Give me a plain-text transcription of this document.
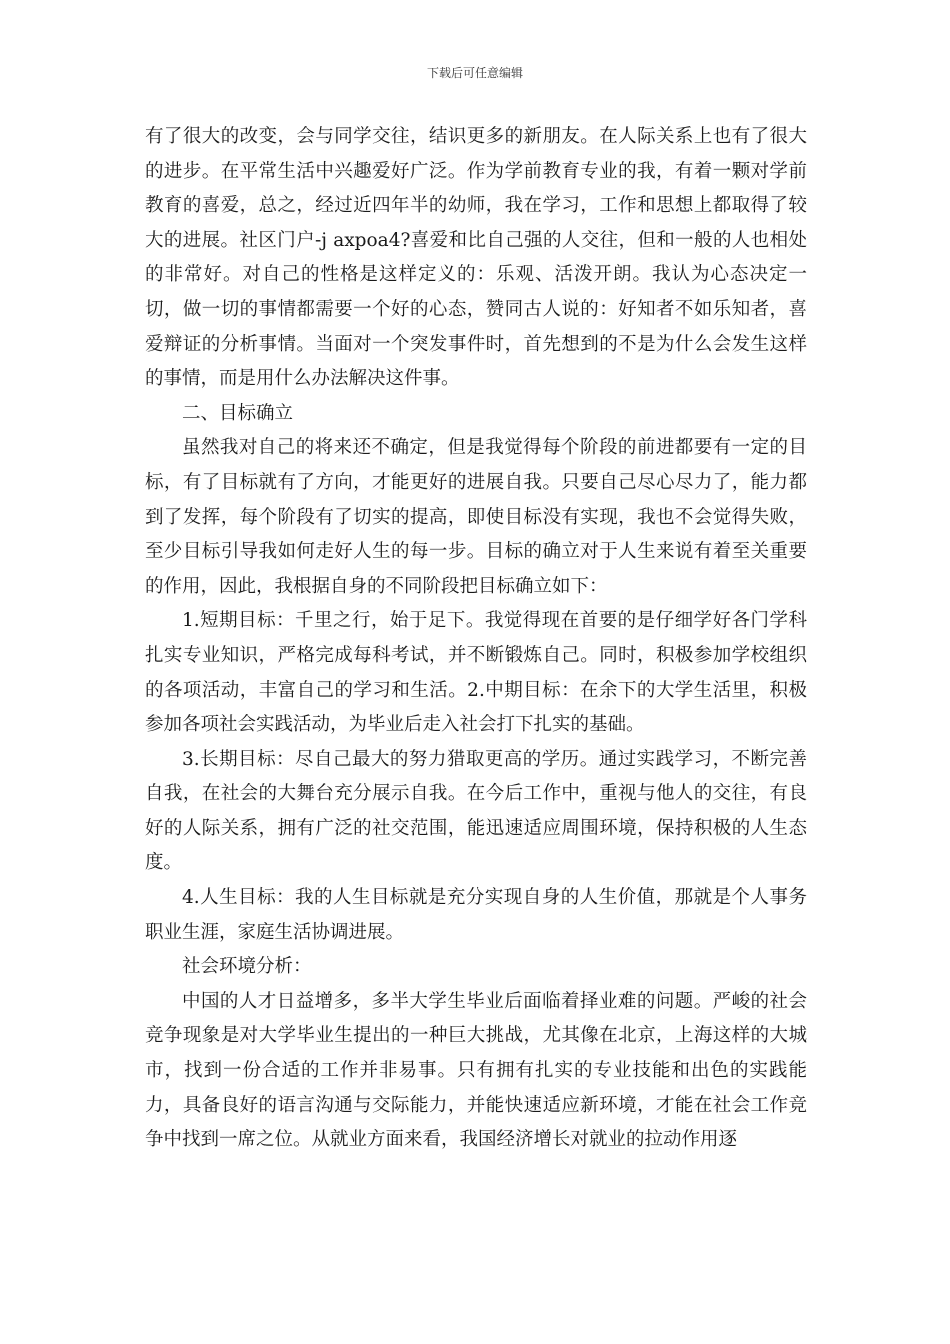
下载后可任意编辑

有了很大的改变，会与同学交往，结识更多的新朋友。在人际关系上也有了很大的进步。在平常生活中兴趣爱好广泛。作为学前教育专业的我，有着一颗对学前教育的喜爱，总之，经过近四年半的幼师，我在学习，工作和思想上都取得了较大的进展。社区门户-j axpoa4?喜爱和比自己强的人交往，但和一般的人也相处的非常好。对自己的性格是这样定义的：乐观、活泼开朗。我认为心态决定一切，做一切的事情都需要一个好的心态，赞同古人说的：好知者不如乐知者，喜爱辩证的分析事情。当面对一个突发事件时，首先想到的不是为什么会发生这样的事情，而是用什么办法解决这件事。

二、目标确立

虽然我对自己的将来还不确定，但是我觉得每个阶段的前进都要有一定的目标，有了目标就有了方向，才能更好的进展自我。只要自己尽心尽力了，能力都到了发挥，每个阶段有了切实的提高，即使目标没有实现，我也不会觉得失败，至少目标引导我如何走好人生的每一步。目标的确立对于人生来说有着至关重要的作用，因此，我根据自身的不同阶段把目标确立如下：

1.短期目标：千里之行，始于足下。我觉得现在首要的是仔细学好各门学科扎实专业知识，严格完成每科考试，并不断锻炼自己。同时，积极参加学校组织的各项活动，丰富自己的学习和生活。2.中期目标：在余下的大学生活里，积极参加各项社会实践活动，为毕业后走入社会打下扎实的基础。

3.长期目标：尽自己最大的努力猎取更高的学历。通过实践学习，不断完善自我，在社会的大舞台充分展示自我。在今后工作中，重视与他人的交往，有良好的人际关系，拥有广泛的社交范围，能迅速适应周围环境，保持积极的人生态度。

4.人生目标：我的人生目标就是充分实现自身的人生价值，那就是个人事务职业生涯，家庭生活协调进展。

社会环境分析：

中国的人才日益增多，多半大学生毕业后面临着择业难的问题。严峻的社会竞争现象是对大学毕业生提出的一种巨大挑战，尤其像在北京，上海这样的大城市，找到一份合适的工作并非易事。只有拥有扎实的专业技能和出色的实践能力，具备良好的语言沟通与交际能力，并能快速适应新环境，才能在社会工作竞争中找到一席之位。从就业方面来看，我国经济增长对就业的拉动作用逐
